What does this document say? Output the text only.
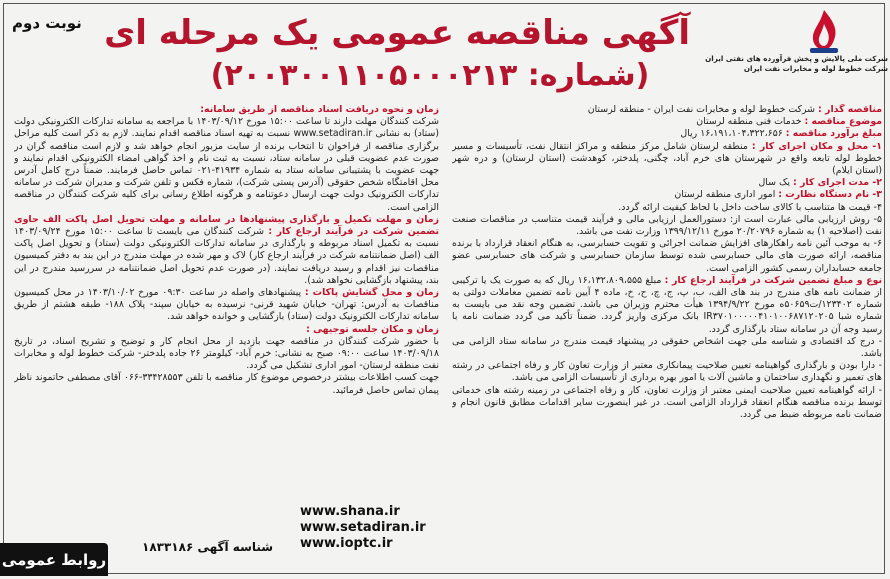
شرکت ملی پالایش و پخش فرآورده های نفتی ایران
شرکت خطوط لوله و مخابرات نفت ایران
نوبت دوم آگهی مناقصه عمومی یک مرحله ای
(شماره: ۲۰۰۳۰۰۱۱۰۵۰۰۰۲۱۳)

مناقصه گذار : شرکت خطوط لوله و مخابرات نفت ایران - منطقه لرستان

موضوع مناقصه : خدمات فنی منطقه لرستان

مبلغ برآورد مناقصه : ۱۶،۱۹۱،۱۰۴،۳۲۲،۶۵۶ ریال

۱- محل و مکان اجرای کار : منطقه لرستان شامل مرکز منطقه و مراکز انتقال نفت، تأسیسات و مسیر خطوط لوله تابعه واقع در شهرستان های خرم آباد، چگنی، پلدختر، کوهدشت (استان لرستان) و دره شهر (استان ایلام)

۲- مدت اجرای کار : یک سال

۳- نام دستگاه نظارت : امور اداری منطقه لرستان

۴- قیمت ها متناسب با کالای ساخت داخل با لحاظ کیفیت ارائه گردد.

۵- روش ارزیابی مالی عبارت است از: دستورالعمل ارزیابی مالی و فرآیند قیمت متناسب در مناقصات صنعت نفت (اصلاحیه ۱) به شماره ۲۰/۲۰۷۹۶ مورخ ۱۳۹۹/۱۲/۱۱ وزارت نفت می باشد.

۶- به موجب آئین نامه راهکارهای افزایش ضمانت اجرائی و تقویت حسابرسی، به هنگام انعقاد قرارداد با برنده مناقصه، ارائه صورت های مالی حسابرسی شده توسط سازمان حسابرسی و شرکت های حسابرسی عضو جامعه حسابداران رسمی کشور الزامی است.

نوع و مبلغ تضمین شرکت در فرآیند ارجاع کار : مبلغ ۱۶،۱۳۲،۸۰۹،۵۵۵ ریال که به صورت یک یا ترکیبی از ضمانت نامه های مندرج در بند های الف، ب، پ، ج، چ، ح، خ، ماده ۴ آیین نامه تضمین معاملات دولتی به شماره ۱۲۳۴۰۲/ت۵۰۶۵۹ه مورخ ۱۳۹۴/۹/۲۲ هیأت محترم وزیران می باشد. تضمین وجه نقد می بایست به شماره شبا IR۳۷۰۱۰۰۰۰۰۴۱۰۱۰۰۶۸۷۱۲۰۲۰۵ بانک مرکزی واریز گردد. ضمناً تأکید می گردد ضمانت نامه با رسید وجه آن در سامانه ستاد بارگذاری گردد.

- درج کد اقتصادی و شناسه ملی جهت اشخاص حقوقی در پیشنهاد قیمت مندرج در سامانه ستاد الزامی می باشد.

- دارا بودن و بارگذاری گواهینامه تعیین صلاحیت پیمانکاری معتبر از وزارت تعاون کار و رفاه اجتماعی در رشته های تعمیر و نگهداری ساختمان و ماشین آلات یا امور بهره برداری از تأسیسات الزامی می باشد.

- ارائه گواهینامه تعیین صلاحیت ایمنی معتبر از وزارت تعاون، کار و رفاه اجتماعی در زمینه رشته های خدماتی توسط برنده مناقصه هنگام انعقاد قرارداد الزامی است. در غیر اینصورت سایر اقدامات مطابق قانون انجام و ضمانت نامه مربوطه ضبط می گردد.

زمان و نحوه دریافت اسناد مناقصه از طریق سامانه:

شرکت کنندگان مهلت دارند تا ساعت ۱۵:۰۰ مورخ ۱۴۰۳/۰۹/۱۲ با مراجعه به سامانه تدارکات الکترونیکی دولت (ستاد) به نشانی www.setadiran.ir نسبت به تهیه اسناد مناقصه اقدام نمایند. لازم به ذکر است کلیه مراحل برگزاری مناقصه از فراخوان تا انتخاب برنده از سایت مزبور انجام خواهد شد و لازم است مناقصه گران در صورت عدم عضویت قبلی در سامانه ستاد، نسبت به ثبت نام و اخذ گواهی امضاء الکترونیکی اقدام نمایند و جهت عضویت با پشتیبانی سامانه ستاد به شماره ۴۱۹۳۴-۰۲۱ تماس حاصل فرمایند. ضمناً درج کامل آدرس محل اقامتگاه شخص حقوقی (آدرس پستی شرکت)، شماره فکس و تلفن شرکت و مدیران شرکت در سامانه تدارکات الکترونیک دولت جهت ارسال دعوتنامه و هرگونه اطلاع رسانی برای کلیه شرکت کنندگان در مناقصه الزامی است.

زمان و مهلت تکمیل و بارگذاری پیشنهادها در سامانه و مهلت تحویل اصل پاکت الف حاوی تضمین شرکت در فرآیند ارجاع کار : شرکت کنندگان می بایست تا ساعت ۱۵:۰۰ مورخ ۱۴۰۳/۰۹/۲۴ نسبت به تکمیل اسناد مربوطه و بارگذاری در سامانه تدارکات الکترونیکی دولت (ستاد) و تحویل اصل پاکت الف (اصل ضمانتنامه شرکت در فرآیند ارجاع کار) لاک و مهر شده در مهلت مندرج در این بند به دفتر کمیسیون مناقصات نیز اقدام و رسید دریافت نمایند. (در صورت عدم تحویل اصل ضمانتنامه در سررسید مندرج در این بند، پیشنهاد بازگشایی نخواهد شد).

زمان و محل گشایش پاکات : پیشنهادهای واصله در ساعت ۰۹:۳۰ مورخ ۱۴۰۳/۱۰/۰۲ در محل کمیسیون مناقصات به آدرس: تهران- خیابان شهید قرنی- نرسیده به خیابان سپند- پلاک ۱۸۸- طبقه هشتم از طریق سامانه تدارکات الکترونیک دولت (ستاد) بازگشایی و خوانده خواهد شد.

زمان و مکان جلسه توجیهی :

با حضور شرکت کنندگان در مناقصه جهت بازدید از محل انجام کار و توضیح و تشریح اسناد، در تاریخ ۱۴۰۳/۰۹/۱۸ ساعت ۰۹:۰۰ صبح به نشانی: خرم آباد- کیلومتر ۲۶ جاده پلدختر- شرکت خطوط لوله و مخابرات نفت منطقه لرستان- امور اداری تشکیل می گردد.

جهت کسب اطلاعات بیشتر درخصوص موضوع کار مناقصه با تلفن ۳۳۴۲۸۵۵۳-۰۶۶ آقای مصطفی حاتموند ناظر پیمان تماس حاصل فرمائید.

www.shana.ir
www.setadiran.ir
www.ioptc.ir
شناسه آگهی ۱۸۳۳۱۸۶
روابط عمومی
